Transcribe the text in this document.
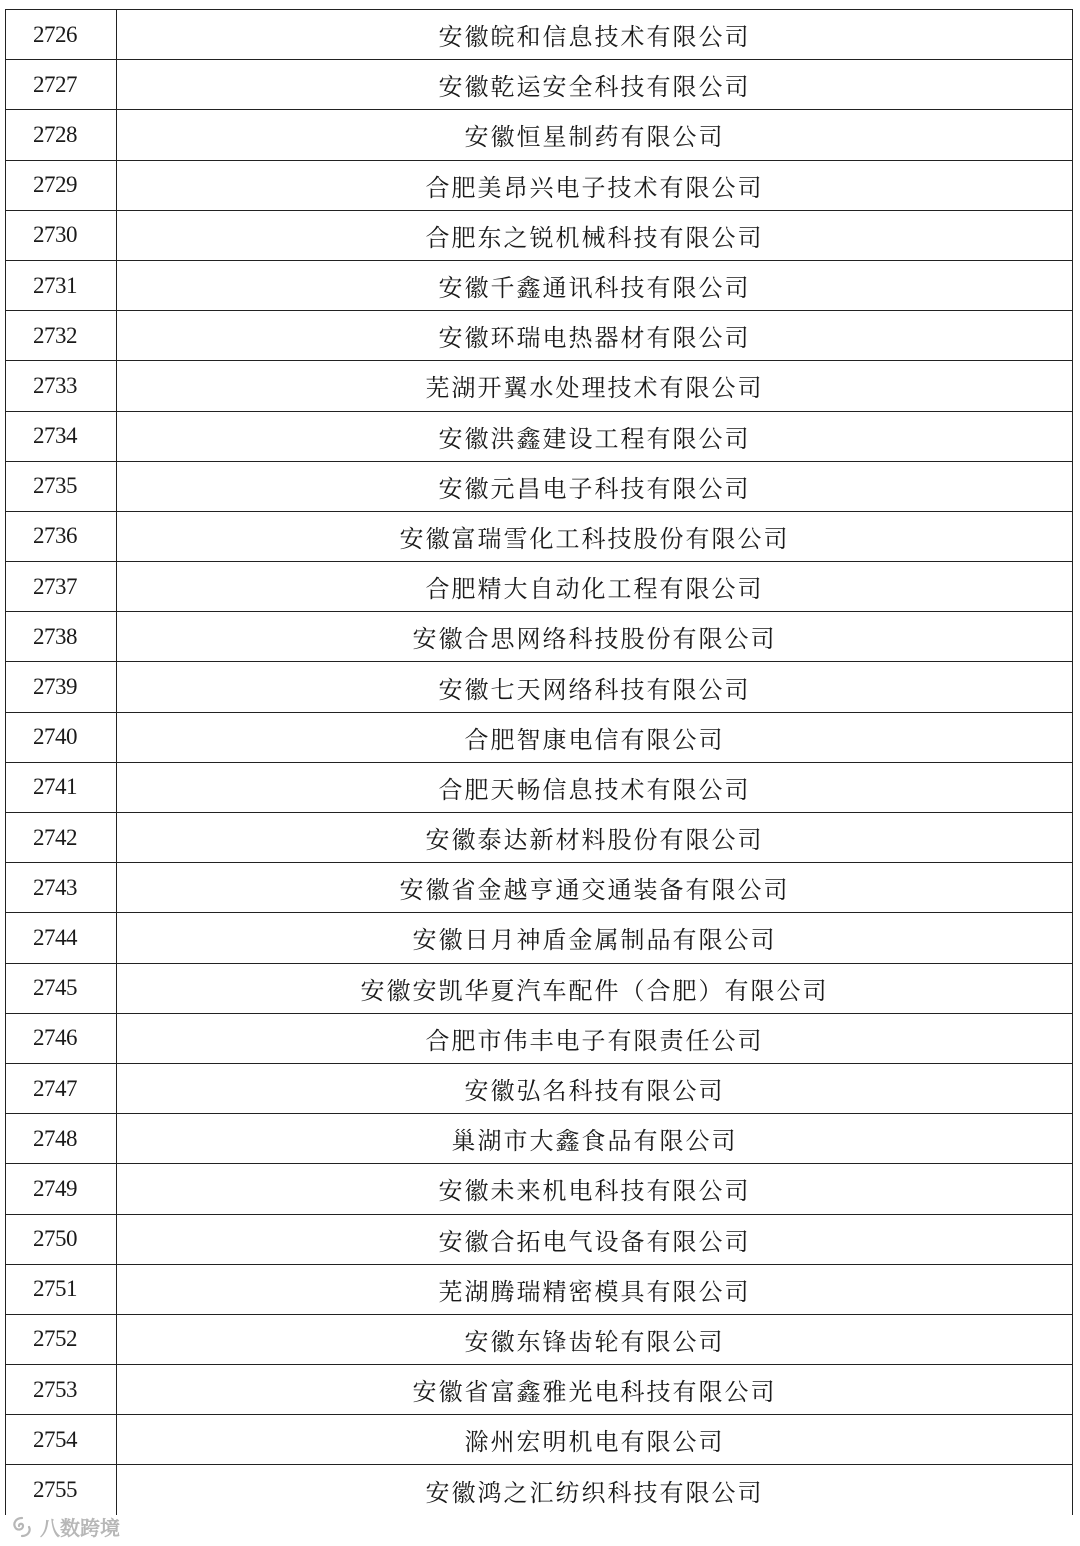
2726	安徽皖和信息技术有限公司
2727	安徽乾运安全科技有限公司
2728	安徽恒星制药有限公司
2729	合肥美昂兴电子技术有限公司
2730	合肥东之锐机械科技有限公司
2731	安徽千鑫通讯科技有限公司
2732	安徽环瑞电热器材有限公司
2733	芜湖开翼水处理技术有限公司
2734	安徽洪鑫建设工程有限公司
2735	安徽元昌电子科技有限公司
2736	安徽富瑞雪化工科技股份有限公司
2737	合肥精大自动化工程有限公司
2738	安徽合思网络科技股份有限公司
2739	安徽七天网络科技有限公司
2740	合肥智康电信有限公司
2741	合肥天畅信息技术有限公司
2742	安徽泰达新材料股份有限公司
2743	安徽省金越亨通交通装备有限公司
2744	安徽日月神盾金属制品有限公司
2745	安徽安凯华夏汽车配件（合肥）有限公司
2746	合肥市伟丰电子有限责任公司
2747	安徽弘名科技有限公司
2748	巢湖市大鑫食品有限公司
2749	安徽未来机电科技有限公司
2750	安徽合拓电气设备有限公司
2751	芜湖腾瑞精密模具有限公司
2752	安徽东锋齿轮有限公司
2753	安徽省富鑫雅光电科技有限公司
2754	滁州宏明机电有限公司
2755	安徽鸿之汇纺织科技有限公司
八数跨境
